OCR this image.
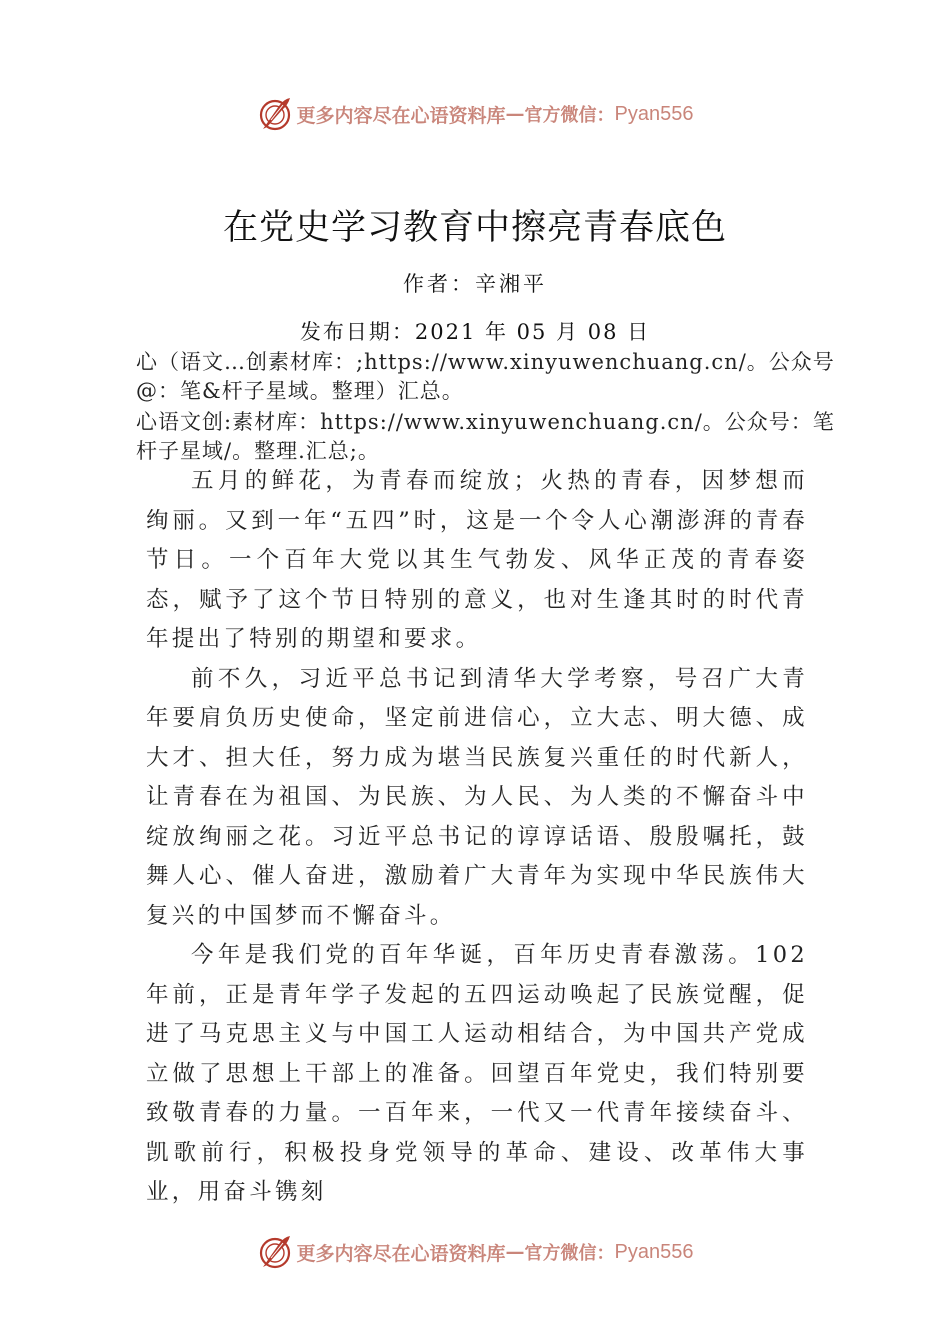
更多内容尽在心语资料库 — 官方微信： Pyan556
在党史学习教育中擦亮青春底色
作者：辛湘平
发布日期：2021 年 05 月 08 日
心（语文…创素材库：;https://www.xinyuwenchuang.cn/。公众号@：笔&杆子星域。整理）汇总。
心语文创:素材库：https://www.xinyuwenchuang.cn/。公众号：笔杆子星域/。整理.汇总;。

五月的鲜花，为青春而绽放；火热的青春，因梦想而绚丽。又到一年“五四”时，这是一个令人心潮澎湃的青春节日。一个百年大党以其生气勃发、风华正茂的青春姿态，赋予了这个节日特别的意义，也对生逢其时的时代青年提出了特别的期望和要求。

前不久，习近平总书记到清华大学考察，号召广大青年要肩负历史使命，坚定前进信心，立大志、明大德、成大才、担大任，努力成为堪当民族复兴重任的时代新人，让青春在为祖国、为民族、为人民、为人类的不懈奋斗中绽放绚丽之花。习近平总书记的谆谆话语、殷殷嘱托，鼓舞人心、催人奋进，激励着广大青年为实现中华民族伟大复兴的中国梦而不懈奋斗。

今年是我们党的百年华诞，百年历史青春激荡。102 年前，正是青年学子发起的五四运动唤起了民族觉醒，促进了马克思主义与中国工人运动相结合，为中国共产党成立做了思想上干部上的准备。回望百年党史，我们特别要致敬青春的力量。一百年来，一代又一代青年接续奋斗、凯歌前行，积极投身党领导的革命、建设、改革伟大事业，用奋斗镌刻

更多内容尽在心语资料库 — 官方微信： Pyan556
